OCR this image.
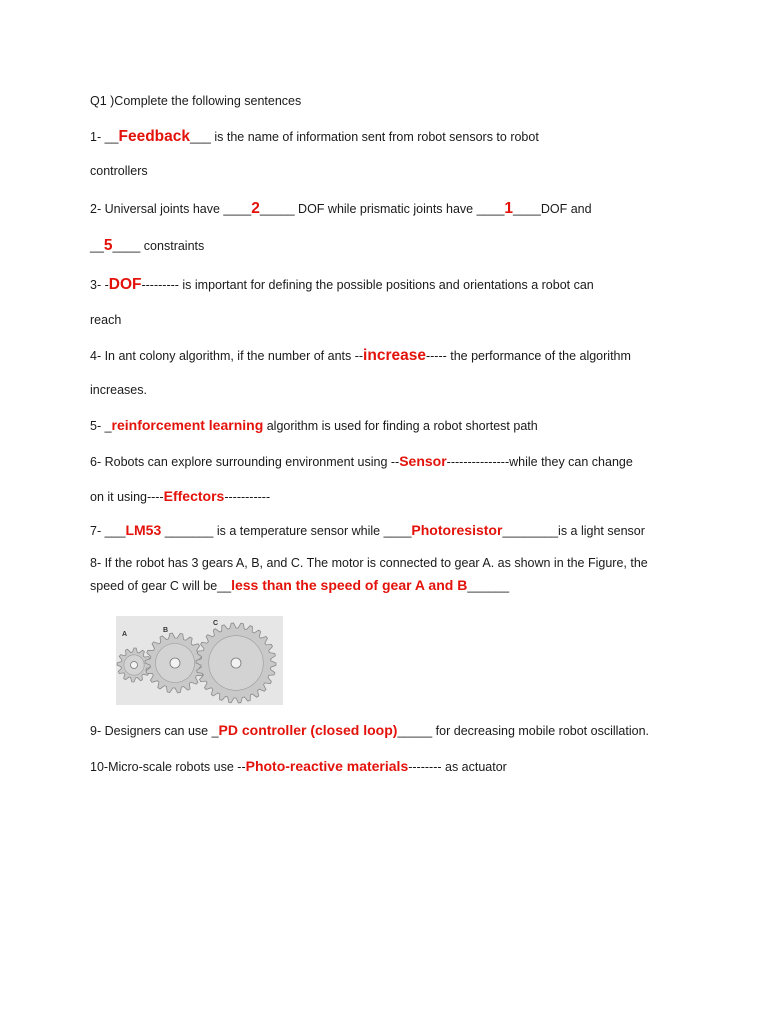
Q1 )Complete the following sentences
1- __Feedback___ is the name of information sent from robot sensors to robot
controllers
2- Universal joints have ____2_____ DOF while prismatic joints have ____1____DOF and
__5____ constraints
3- -DOF--------- is important for defining the possible positions and orientations a robot can
reach
4- In ant colony algorithm, if the number of ants --increase----- the performance of the algorithm
increases.
5- _reinforcement learning algorithm is used for finding a robot shortest path
6- Robots can explore surrounding environment using --Sensor---------------while they can change
on it using----Effectors-----------
7- ___LM53 _______ is a temperature sensor while ____Photoresistor________is a light sensor
8- If the robot has 3 gears A, B, and C. The motor is connected to gear A. as shown in the Figure, the
speed of gear C will be__less than the speed of gear A and B______
A
B
C
9- Designers can use _PD controller (closed loop)_____ for decreasing mobile robot oscillation.
10-Micro-scale robots use --Photo-reactive materials-------- as actuator
